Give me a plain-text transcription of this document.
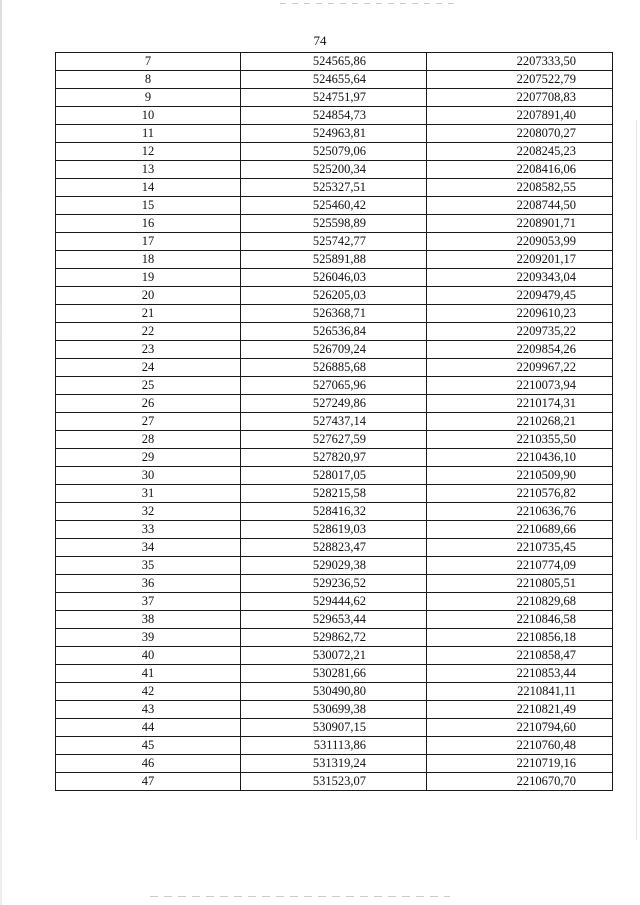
74
7	524565,86	2207333,50
8	524655,64	2207522,79
9	524751,97	2207708,83
10	524854,73	2207891,40
11	524963,81	2208070,27
12	525079,06	2208245,23
13	525200,34	2208416,06
14	525327,51	2208582,55
15	525460,42	2208744,50
16	525598,89	2208901,71
17	525742,77	2209053,99
18	525891,88	2209201,17
19	526046,03	2209343,04
20	526205,03	2209479,45
21	526368,71	2209610,23
22	526536,84	2209735,22
23	526709,24	2209854,26
24	526885,68	2209967,22
25	527065,96	2210073,94
26	527249,86	2210174,31
27	527437,14	2210268,21
28	527627,59	2210355,50
29	527820,97	2210436,10
30	528017,05	2210509,90
31	528215,58	2210576,82
32	528416,32	2210636,76
33	528619,03	2210689,66
34	528823,47	2210735,45
35	529029,38	2210774,09
36	529236,52	2210805,51
37	529444,62	2210829,68
38	529653,44	2210846,58
39	529862,72	2210856,18
40	530072,21	2210858,47
41	530281,66	2210853,44
42	530490,80	2210841,11
43	530699,38	2210821,49
44	530907,15	2210794,60
45	531113,86	2210760,48
46	531319,24	2210719,16
47	531523,07	2210670,70
